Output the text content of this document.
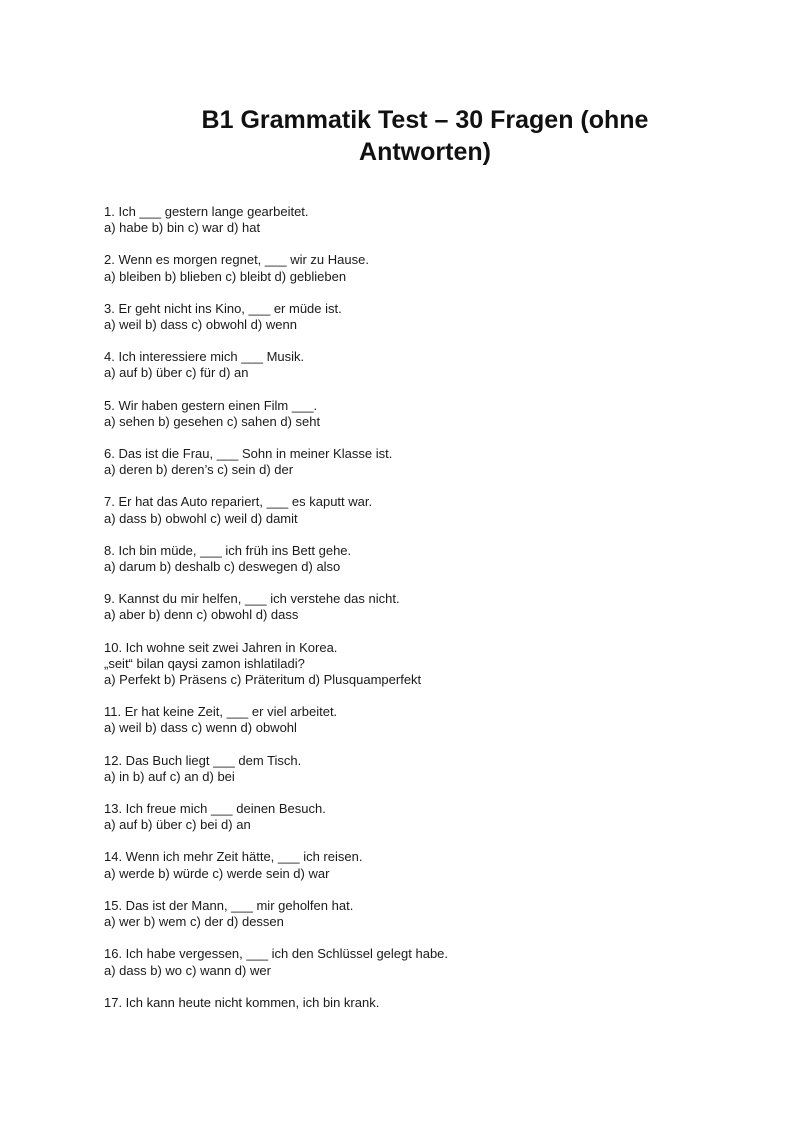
B1 Grammatik Test – 30 Fragen (ohne Antworten)
1. Ich ___ gestern lange gearbeitet.
a) habe b) bin c) war d) hat
2. Wenn es morgen regnet, ___ wir zu Hause.
a) bleiben b) blieben c) bleibt d) geblieben
3. Er geht nicht ins Kino, ___ er müde ist.
a) weil b) dass c) obwohl d) wenn
4. Ich interessiere mich ___ Musik.
a) auf b) über c) für d) an
5. Wir haben gestern einen Film ___.
a) sehen b) gesehen c) sahen d) seht
6. Das ist die Frau, ___ Sohn in meiner Klasse ist.
a) deren b) deren’s c) sein d) der
7. Er hat das Auto repariert, ___ es kaputt war.
a) dass b) obwohl c) weil d) damit
8. Ich bin müde, ___ ich früh ins Bett gehe.
a) darum b) deshalb c) deswegen d) also
9. Kannst du mir helfen, ___ ich verstehe das nicht.
a) aber b) denn c) obwohl d) dass
10. Ich wohne seit zwei Jahren in Korea.
„seit“ bilan qaysi zamon ishlatiladi?
a) Perfekt b) Präsens c) Präteritum d) Plusquamperfekt
11. Er hat keine Zeit, ___ er viel arbeitet.
a) weil b) dass c) wenn d) obwohl
12. Das Buch liegt ___ dem Tisch.
a) in b) auf c) an d) bei
13. Ich freue mich ___ deinen Besuch.
a) auf b) über c) bei d) an
14. Wenn ich mehr Zeit hätte, ___ ich reisen.
a) werde b) würde c) werde sein d) war
15. Das ist der Mann, ___ mir geholfen hat.
a) wer b) wem c) der d) dessen
16. Ich habe vergessen, ___ ich den Schlüssel gelegt habe.
a) dass b) wo c) wann d) wer
17. Ich kann heute nicht kommen, ich bin krank.
